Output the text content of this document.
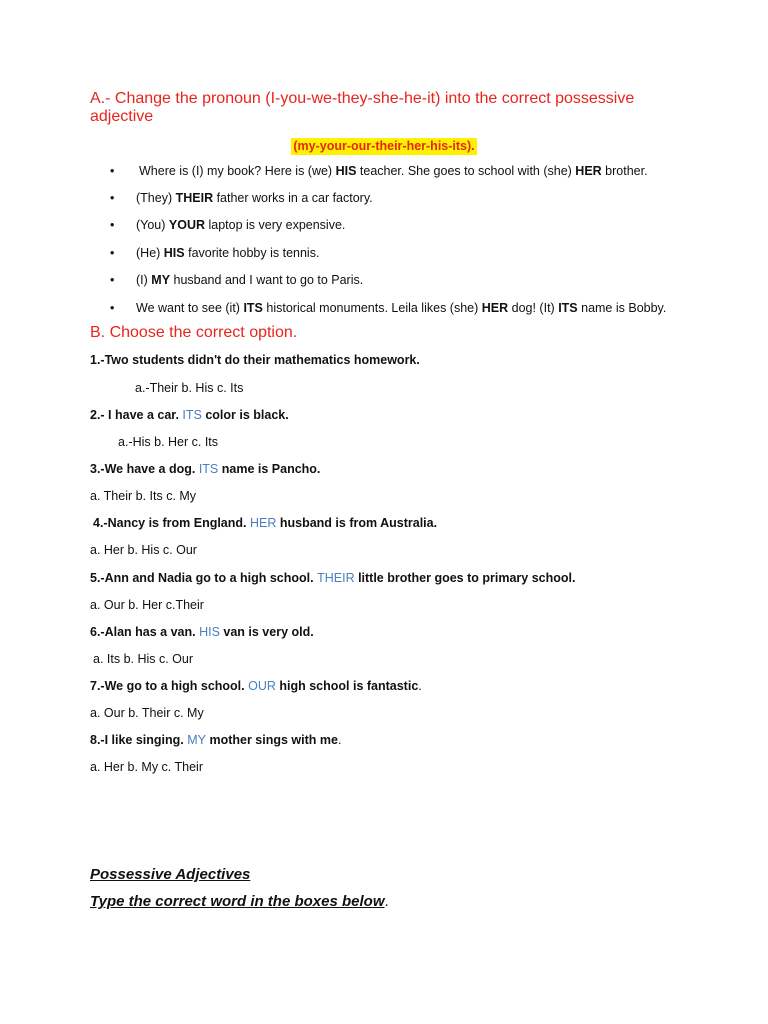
A.- Change the pronoun (I-you-we-they-she-he-it) into the correct possessive adjective
(my-your-our-their-her-his-its).
• Where is (I) my book? Here is (we) HIS teacher. She goes to school with (she) HER brother.
• (They) THEIR father works in a car factory.
• (You) YOUR laptop is very expensive.
• (He) HIS favorite hobby is tennis.
• (I) MY husband and I want to go to Paris.
• We want to see (it) ITS historical monuments. Leila likes (she) HER dog! (It) ITS name is Bobby.
B. Choose the correct option.
1.-Two students didn't do their mathematics homework.
a.-Their b. His c. Its
2.- I have a car. ITS color is black.
a.-His b. Her c. Its
3.-We have a dog. ITS name is Pancho.
a. Their b. Its c. My
4.-Nancy is from England. HER husband is from Australia.
a. Her b. His c. Our
5.-Ann and Nadia go to a high school. THEIR little brother goes to primary school.
a. Our b. Her c.Their
6.-Alan has a van. HIS van is very old.
a. Its b. His c. Our
7.-We go to a high school. OUR high school is fantastic.
a. Our b. Their c. My
8.-I like singing. MY mother sings with me.
a. Her b. My c. Their
Possessive Adjectives
Type the correct word in the boxes below.
